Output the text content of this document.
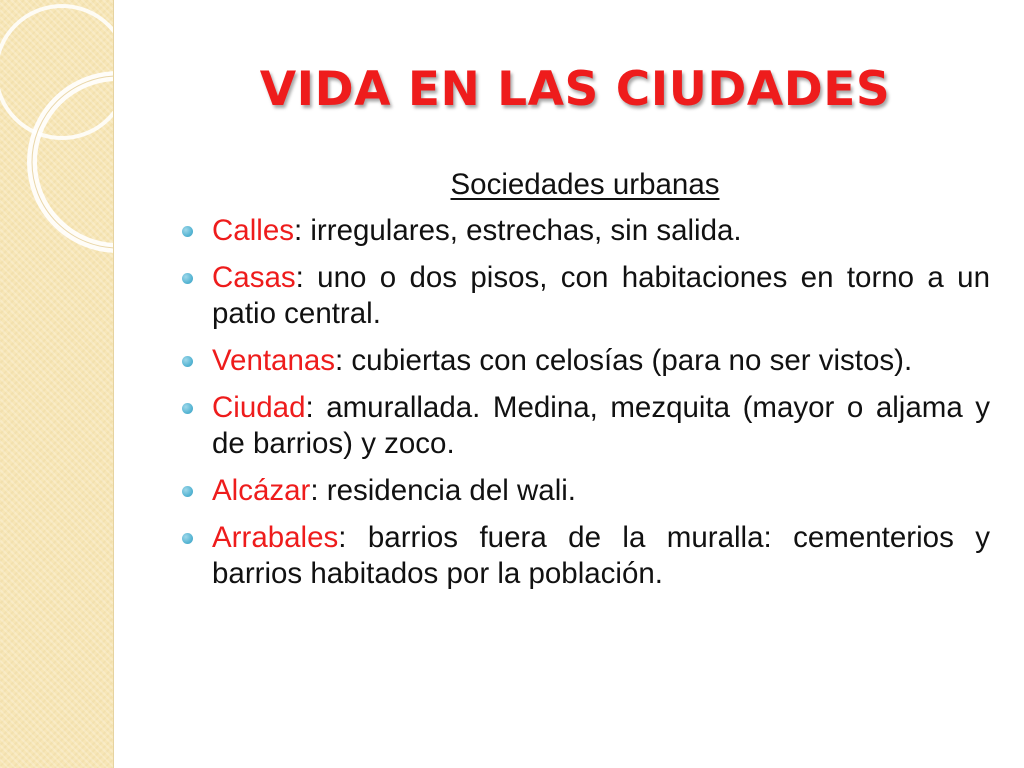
VIDA EN LAS CIUDADES
Sociedades urbanas
Calles: irregulares, estrechas, sin salida.
Casas: uno o dos pisos, con habitaciones en torno a un patio central.
Ventanas: cubiertas con celosías (para no ser vistos).
Ciudad: amurallada. Medina, mezquita (mayor o aljama y de barrios) y zoco.
Alcázar: residencia del wali.
Arrabales: barrios fuera de la muralla: cementerios y barrios habitados por la población.
